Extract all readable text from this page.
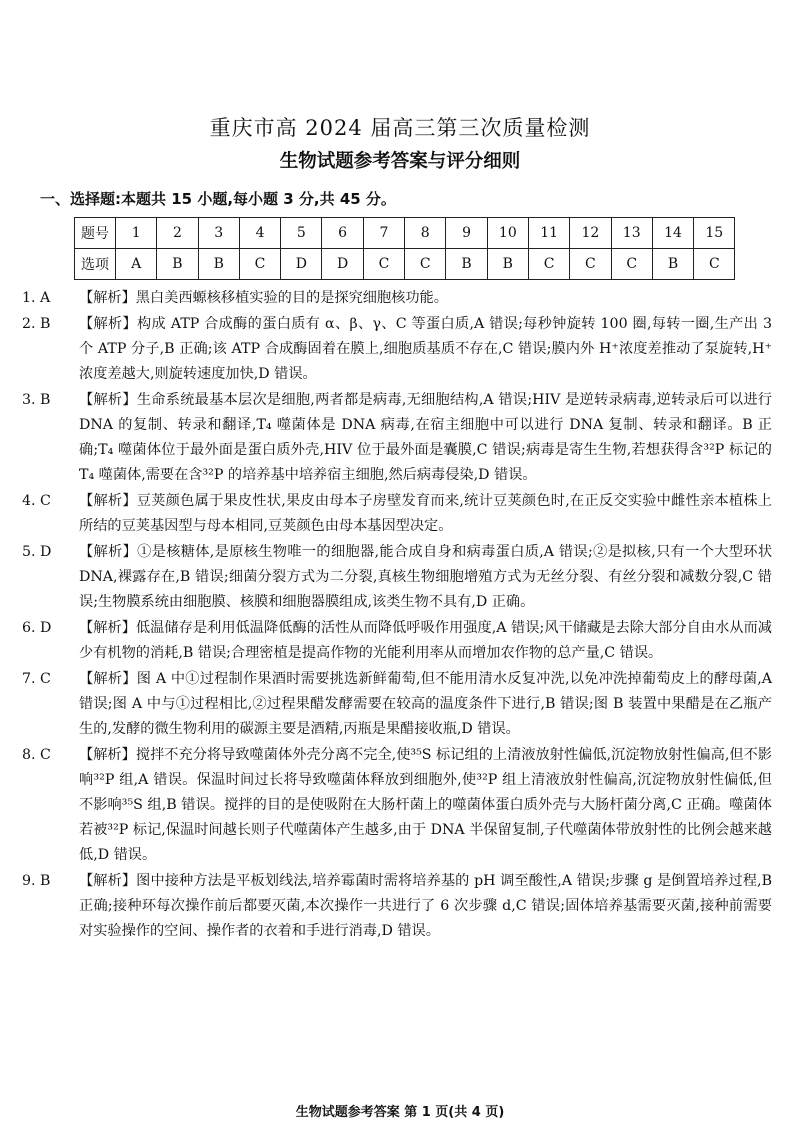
重庆市高 2024 届高三第三次质量检测
生物试题参考答案与评分细则
一、选择题:本题共 15 小题,每小题 3 分,共 45 分。
题号	1	2	3	4	5	6	7	8	9	10	11	12	13	14	15
选项	A	B	B	C	D	D	C	C	B	B	C	C	C	B	C
1. A	【解析】黑白美西螈核移植实验的目的是探究细胞核功能。
2. B	【解析】构成 ATP 合成酶的蛋白质有 α、β、γ、C 等蛋白质,A 错误;每秒钟旋转 100 圈,每转一圈,生产出 3 个 ATP 分子,B 正确;该 ATP 合成酶固着在膜上,细胞质基质不存在,C 错误;膜内外 H⁺浓度差推动了泵旋转,H⁺浓度差越大,则旋转速度加快,D 错误。
3. B	【解析】生命系统最基本层次是细胞,两者都是病毒,无细胞结构,A 错误;HIV 是逆转录病毒,逆转录后可以进行 DNA 的复制、转录和翻译,T₄ 噬菌体是 DNA 病毒,在宿主细胞中可以进行 DNA 复制、转录和翻译。B 正确;T₄ 噬菌体位于最外面是蛋白质外壳,HIV 位于最外面是囊膜,C 错误;病毒是寄生生物,若想获得含³²P 标记的 T₄ 噬菌体,需要在含³²P 的培养基中培养宿主细胞,然后病毒侵染,D 错误。
4. C	【解析】豆荚颜色属于果皮性状,果皮由母本子房壁发育而来,统计豆荚颜色时,在正反交实验中雌性亲本植株上所结的豆荚基因型与母本相同,豆荚颜色由母本基因型决定。
5. D	【解析】①是核糖体,是原核生物唯一的细胞器,能合成自身和病毒蛋白质,A 错误;②是拟核,只有一个大型环状 DNA,裸露存在,B 错误;细菌分裂方式为二分裂,真核生物细胞增殖方式为无丝分裂、有丝分裂和减数分裂,C 错误;生物膜系统由细胞膜、核膜和细胞器膜组成,该类生物不具有,D 正确。
6. D	【解析】低温储存是利用低温降低酶的活性从而降低呼吸作用强度,A 错误;风干储藏是去除大部分自由水从而减少有机物的消耗,B 错误;合理密植是提高作物的光能利用率从而增加农作物的总产量,C 错误。
7. C	【解析】图 A 中①过程制作果酒时需要挑选新鲜葡萄,但不能用清水反复冲洗,以免冲洗掉葡萄皮上的酵母菌,A 错误;图 A 中与①过程相比,②过程果醋发酵需要在较高的温度条件下进行,B 错误;图 B 装置中果醋是在乙瓶产生的,发酵的微生物利用的碳源主要是酒精,丙瓶是果醋接收瓶,D 错误。
8. C	【解析】搅拌不充分将导致噬菌体外壳分离不完全,使³⁵S 标记组的上清液放射性偏低,沉淀物放射性偏高,但不影响³²P 组,A 错误。保温时间过长将导致噬菌体释放到细胞外,使³²P 组上清液放射性偏高,沉淀物放射性偏低,但不影响³⁵S 组,B 错误。搅拌的目的是使吸附在大肠杆菌上的噬菌体蛋白质外壳与大肠杆菌分离,C 正确。噬菌体若被³²P 标记,保温时间越长则子代噬菌体产生越多,由于 DNA 半保留复制,子代噬菌体带放射性的比例会越来越低,D 错误。
9. B	【解析】图中接种方法是平板划线法,培养霉菌时需将培养基的 pH 调至酸性,A 错误;步骤 g 是倒置培养过程,B 正确;接种环每次操作前后都要灭菌,本次操作一共进行了 6 次步骤 d,C 错误;固体培养基需要灭菌,接种前需要对实验操作的空间、操作者的衣着和手进行消毒,D 错误。
生物试题参考答案 第 1 页(共 4 页)
